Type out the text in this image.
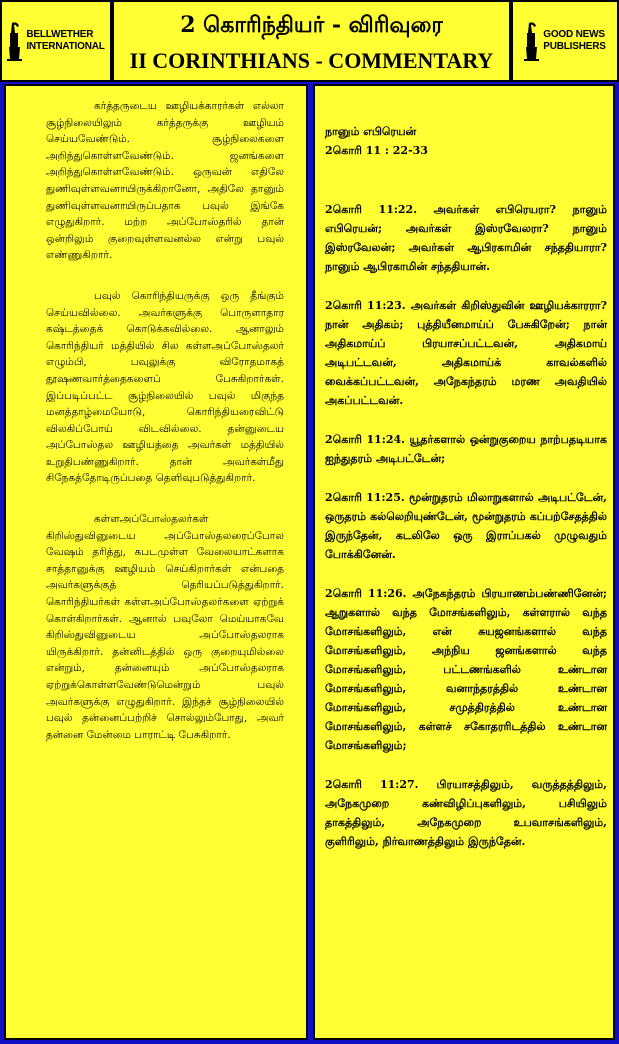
BELLWETHER
INTERNATIONAL
2 கொரிந்தியர் - விரிவுரை
II CORINTHIANS - COMMENTARY
GOOD NEWS
PUBLISHERS

கர்த்தருடைய ஊழியக்காரர்கள் எல்லா சூழ்நிலையிலும் கர்த்தருக்கு ஊழியம் செய்யவேண்டும். சூழ்நிலைகளை அறிந்துகொள்ளவேண்டும். ஜனங்களை அறிந்துகொள்ளவேண்டும். ஒருவன் எதிலே துணிவுள்ளவனாயிருக்கிறானோ, அதிலே தானும் துணிவுள்ளவனாயிருப்பதாக பவுல் இங்கே எழுதுகிறார். மற்ற அப்போஸ்தரில் தான் ஒன்றிலும் குறைவுள்ளவனல்ல என்று பவுல் எண்ணுகிறார்.

பவுல் கொரிந்தியருக்கு ஒரு தீங்கும் செய்யவில்லை. அவர்களுக்கு பொருளாதார கஷ்டத்தைக் கொடுக்கவில்லை. ஆனாலும் கொரிந்தியர் மத்தியில் சில கள்ளஅப்போஸ்தலர் எழும்பி, பவுலுக்கு விரோதமாகத் தூஷணவார்த்தைகளைப் பேசுகிறார்கள். இப்படிப்பட்ட சூழ்நிலையில் பவுல் மிகுந்த மனத்தாழ்மையோடு, கொரிந்தியரைவிட்டு விலகிப்போய் விடவில்லை. தன்னுடைய அப்போஸ்தல ஊழியத்தை அவர்கள் மத்தியில் உறுதிபண்ணுகிறார். தான் அவர்கள்மீது சிநேகத்தோடிருப்பதை தெளிவுபடுத்துகிறார்.

கள்ளஅப்போஸ்தலர்கள் கிறிஸ்துவினுடைய அப்போஸ்தலரைப்போல வேஷம் தரித்து, கபடமுள்ள வேலையாட்களாக சாத்தானுக்கு ஊழியம் செய்கிறார்கள் என்பதை அவர்களுக்குத் தெரியப்படுத்துகிறார். கொரிந்தியர்கள் கள்ளஅப்போஸ்தலர்களை ஏற்றுக் கொள்கிறார்கள். ஆனால் பவுலோ மெய்யாகவே கிறிஸ்துவினுடைய அப்போஸ்தலராக யிருக்கிறார். தன்னிடத்தில் ஒரு குறையுமில்லை என்றும், தன்னையும் அப்போஸ்தலராக ஏற்றுக்கொள்ளவேண்டுமென்றும் பவுல் அவர்களுக்கு எழுதுகிறார். இந்தச் சூழ்நிலையில் பவுல் தன்னைப்பற்றிச் சொல்லும்போது, அவர் தன்னை மேன்மை பாராட்டி பேசுகிறார்.

நானும் எபிரெயன்
2கொரி 11 : 22-33

2கொரி 11:22. அவர்கள் எபிரெயரா? நானும் எபிரெயன்; அவர்கள் இஸ்ரவேலரா? நானும் இஸ்ரவேலன்; அவர்கள் ஆபிரகாமின் சந்ததியாரா? நானும் ஆபிரகாமின் சந்ததியான்.

2கொரி 11:23. அவர்கள் கிறிஸ்துவின் ஊழியக்காரரா? நான் அதிகம்; புத்தியீனமாய்ப் பேசுகிறேன்; நான் அதிகமாய்ப் பிரயாசப்பட்டவன், அதிகமாய் அடிபட்டவன், அதிகமாய்க் காவல்களில் வைக்கப்பட்டவன், அநேகந்தரம் மரண அவதியில் அகப்பட்டவன்.

2கொரி 11:24. யூதர்களால் ஒன்றுகுறைய நாற்பதடியாக ஐந்துதரம் அடிபட்டேன்;

2கொரி 11:25. மூன்றுதரம் மிலாறுகளால் அடிபட்டேன், ஒருதரம் கல்லெறியுண்டேன், மூன்றுதரம் கப்பற்சேதத்தில் இருந்தேன், கடலிலே ஒரு இராப்பகல் முழுவதும் போக்கினேன்.

2கொரி 11:26. அநேகந்தரம் பிரயாணம்பண்ணினேன்; ஆறுகளால் வந்த மோசங்களிலும், கள்ளரால் வந்த மோசங்களிலும், என் சுயஜனங்களால் வந்த மோசங்களிலும், அந்நிய ஜனங்களால் வந்த மோசங்களிலும், பட்டணங்களில் உண்டான மோசங்களிலும், வனாந்தரத்தில் உண்டான மோசங்களிலும், சமுத்திரத்தில் உண்டான மோசங்களிலும், கள்ளச் சகோதரரிடத்தில் உண்டான மோசங்களிலும்;

2கொரி 11:27. பிரயாசத்திலும், வருத்தத்திலும், அநேகமுறை கண்விழிப்புகளிலும், பசியிலும் தாகத்திலும், அநேகமுறை உபவாசங்களிலும், குளிரிலும், நிர்வாணத்திலும் இருந்தேன்.
